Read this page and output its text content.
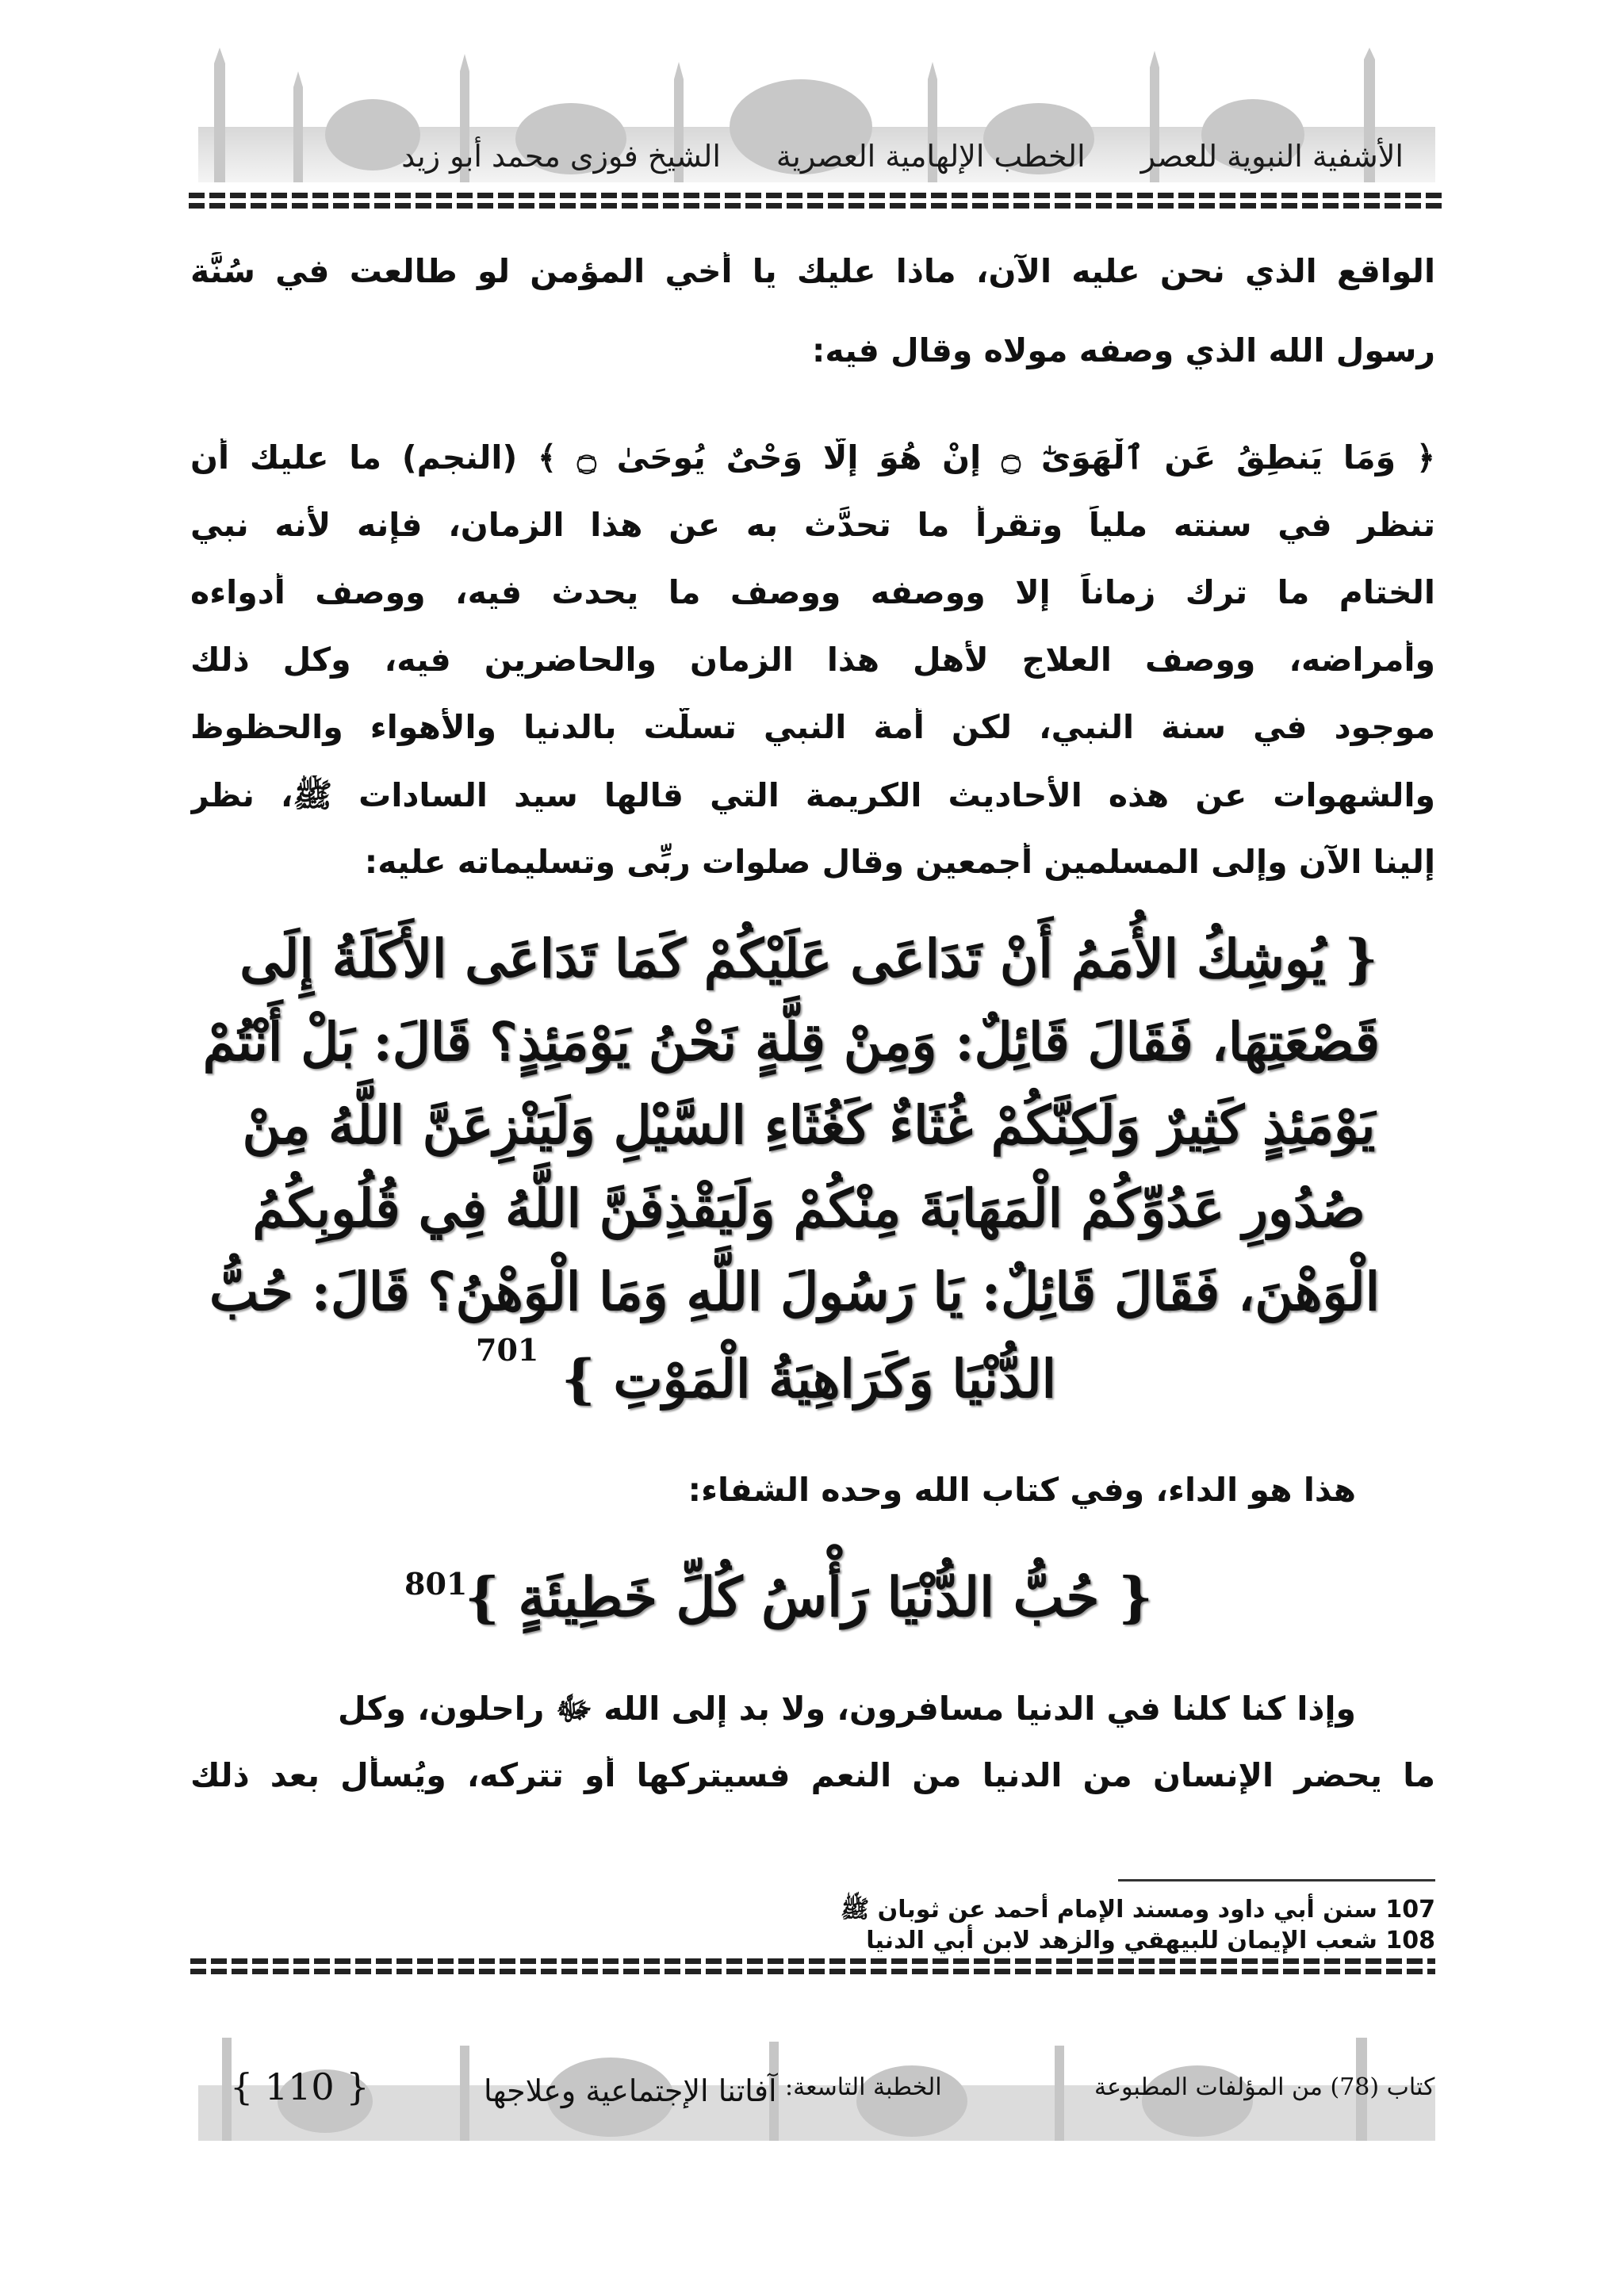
الأشفية النبوية للعصر
الخطب الإلهامية العصرية
الشيخ فوزى محمد أبو زيد
الواقع الذي نحن عليه الآن، ماذا عليك يا أخي المؤمن لو طالعت في سُنَّة
رسول الله الذي وصفه مولاه وقال فيه:
﴿ وَمَا يَنطِقُ عَنِ ٱلْهَوَىٰٓ ۝ إِنْ هُوَ إِلَّا وَحْىٌ يُوحَىٰ ۝ ﴾ (النجم) ما عليك أن
تنظر في سنته ملياً وتقرأ ما تحدَّث به عن هذا الزمان، فإنه لأنه نبي
الختام ما ترك زماناً إلا ووصفه ووصف ما يحدث فيه، ووصف أدواءه
وأمراضه، ووصف العلاج لأهل هذا الزمان والحاضرين فيه، وكل ذلك
موجود في سنة النبي، لكن أمة النبي تسلَّت بالدنيا والأهواء والحظوظ
والشهوات عن هذه الأحاديث الكريمة التي قالها سيد السادات ﷺ، نظر
إلينا الآن وإلى المسلمين أجمعين وقال صلوات ربِّى وتسليماته عليه:
{ يُوشِكُ الأُمَمُ أَنْ تَدَاعَى عَلَيْكُمْ كَمَا تَدَاعَى الأَكَلَةُ إِلَى
قَصْعَتِهَا، فَقَالَ قَائِلٌ: وَمِنْ قِلَّةٍ نَحْنُ يَوْمَئِذٍ؟ قَالَ: بَلْ أَنْتُمْ
يَوْمَئِذٍ كَثِيرٌ وَلَكِنَّكُمْ غُثَاءٌ كَغُثَاءِ السَّيْلِ وَلَيَنْزِعَنَّ اللَّهُ مِنْ
صُدُورِ عَدُوِّكُمْ الْمَهَابَةَ مِنْكُمْ وَلَيَقْذِفَنَّ اللَّهُ فِي قُلُوبِكُمُ
الْوَهْنَ، فَقَالَ قَائِلٌ: يَا رَسُولَ اللَّهِ وَمَا الْوَهْنُ؟ قَالَ: حُبُّ
الدُّنْيَا وَكَرَاهِيَةُ الْمَوْتِ }
701
هذا هو الداء، وفي كتاب الله وحده الشفاء:
{ حُبُّ الدُّنْيَا رَأْسُ كُلِّ خَطِيئَةٍ }
801
وإذا كنا كلنا في الدنيا مسافرون، ولا بد إلى الله ﷻ راحلون، وكل
ما يحضر الإنسان من الدنيا من النعم فسيتركها أو تتركه، ويُسأل بعد ذلك
107 سنن أبي داود ومسند الإمام أحمد عن ثوبان ﷺ
108 شعب الإيمان للبيهقي والزهد لابن أبي الدنيا
كتاب (78) من المؤلفات المطبوعة
الخطبة التاسعة:
آفاتنا الإجتماعية وعلاجها
{ 110 }
